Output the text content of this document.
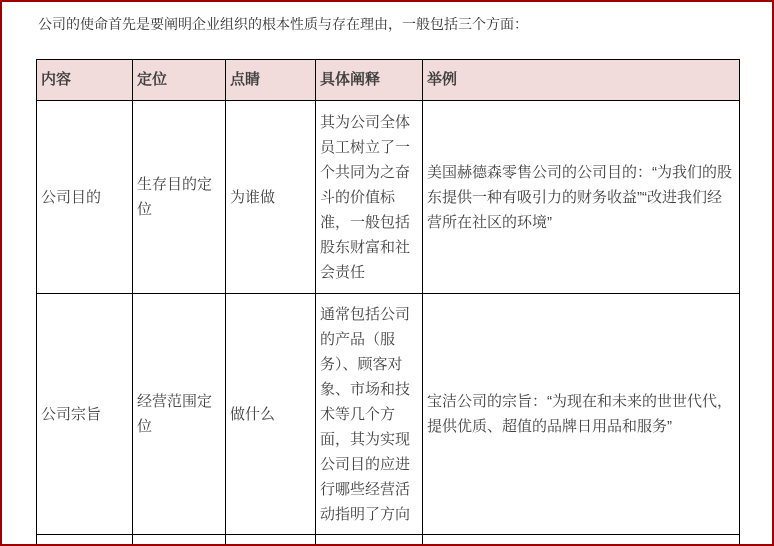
公司的使命首先是要阐明企业组织的根本性质与存在理由，一般包括三个方面：

内容	定位	点睛	具体阐释	举例
公司目的	生存目的定位	为谁做	其为公司全体员工树立了一个共同为之奋斗的价值标准，一般包括股东财富和社会责任	美国赫德森零售公司的公司目的：“为我们的股东提供一种有吸引力的财务收益”“改进我们经营所在社区的环境”
公司宗旨	经营范围定位	做什么	通常包括公司的产品（服务）、顾客对象、市场和技术等几个方面，其为实现公司目的应进行哪些经营活动指明了方向	宝洁公司的宗旨：“为现在和未来的世世代代，提供优质、超值的品牌日用品和服务”
